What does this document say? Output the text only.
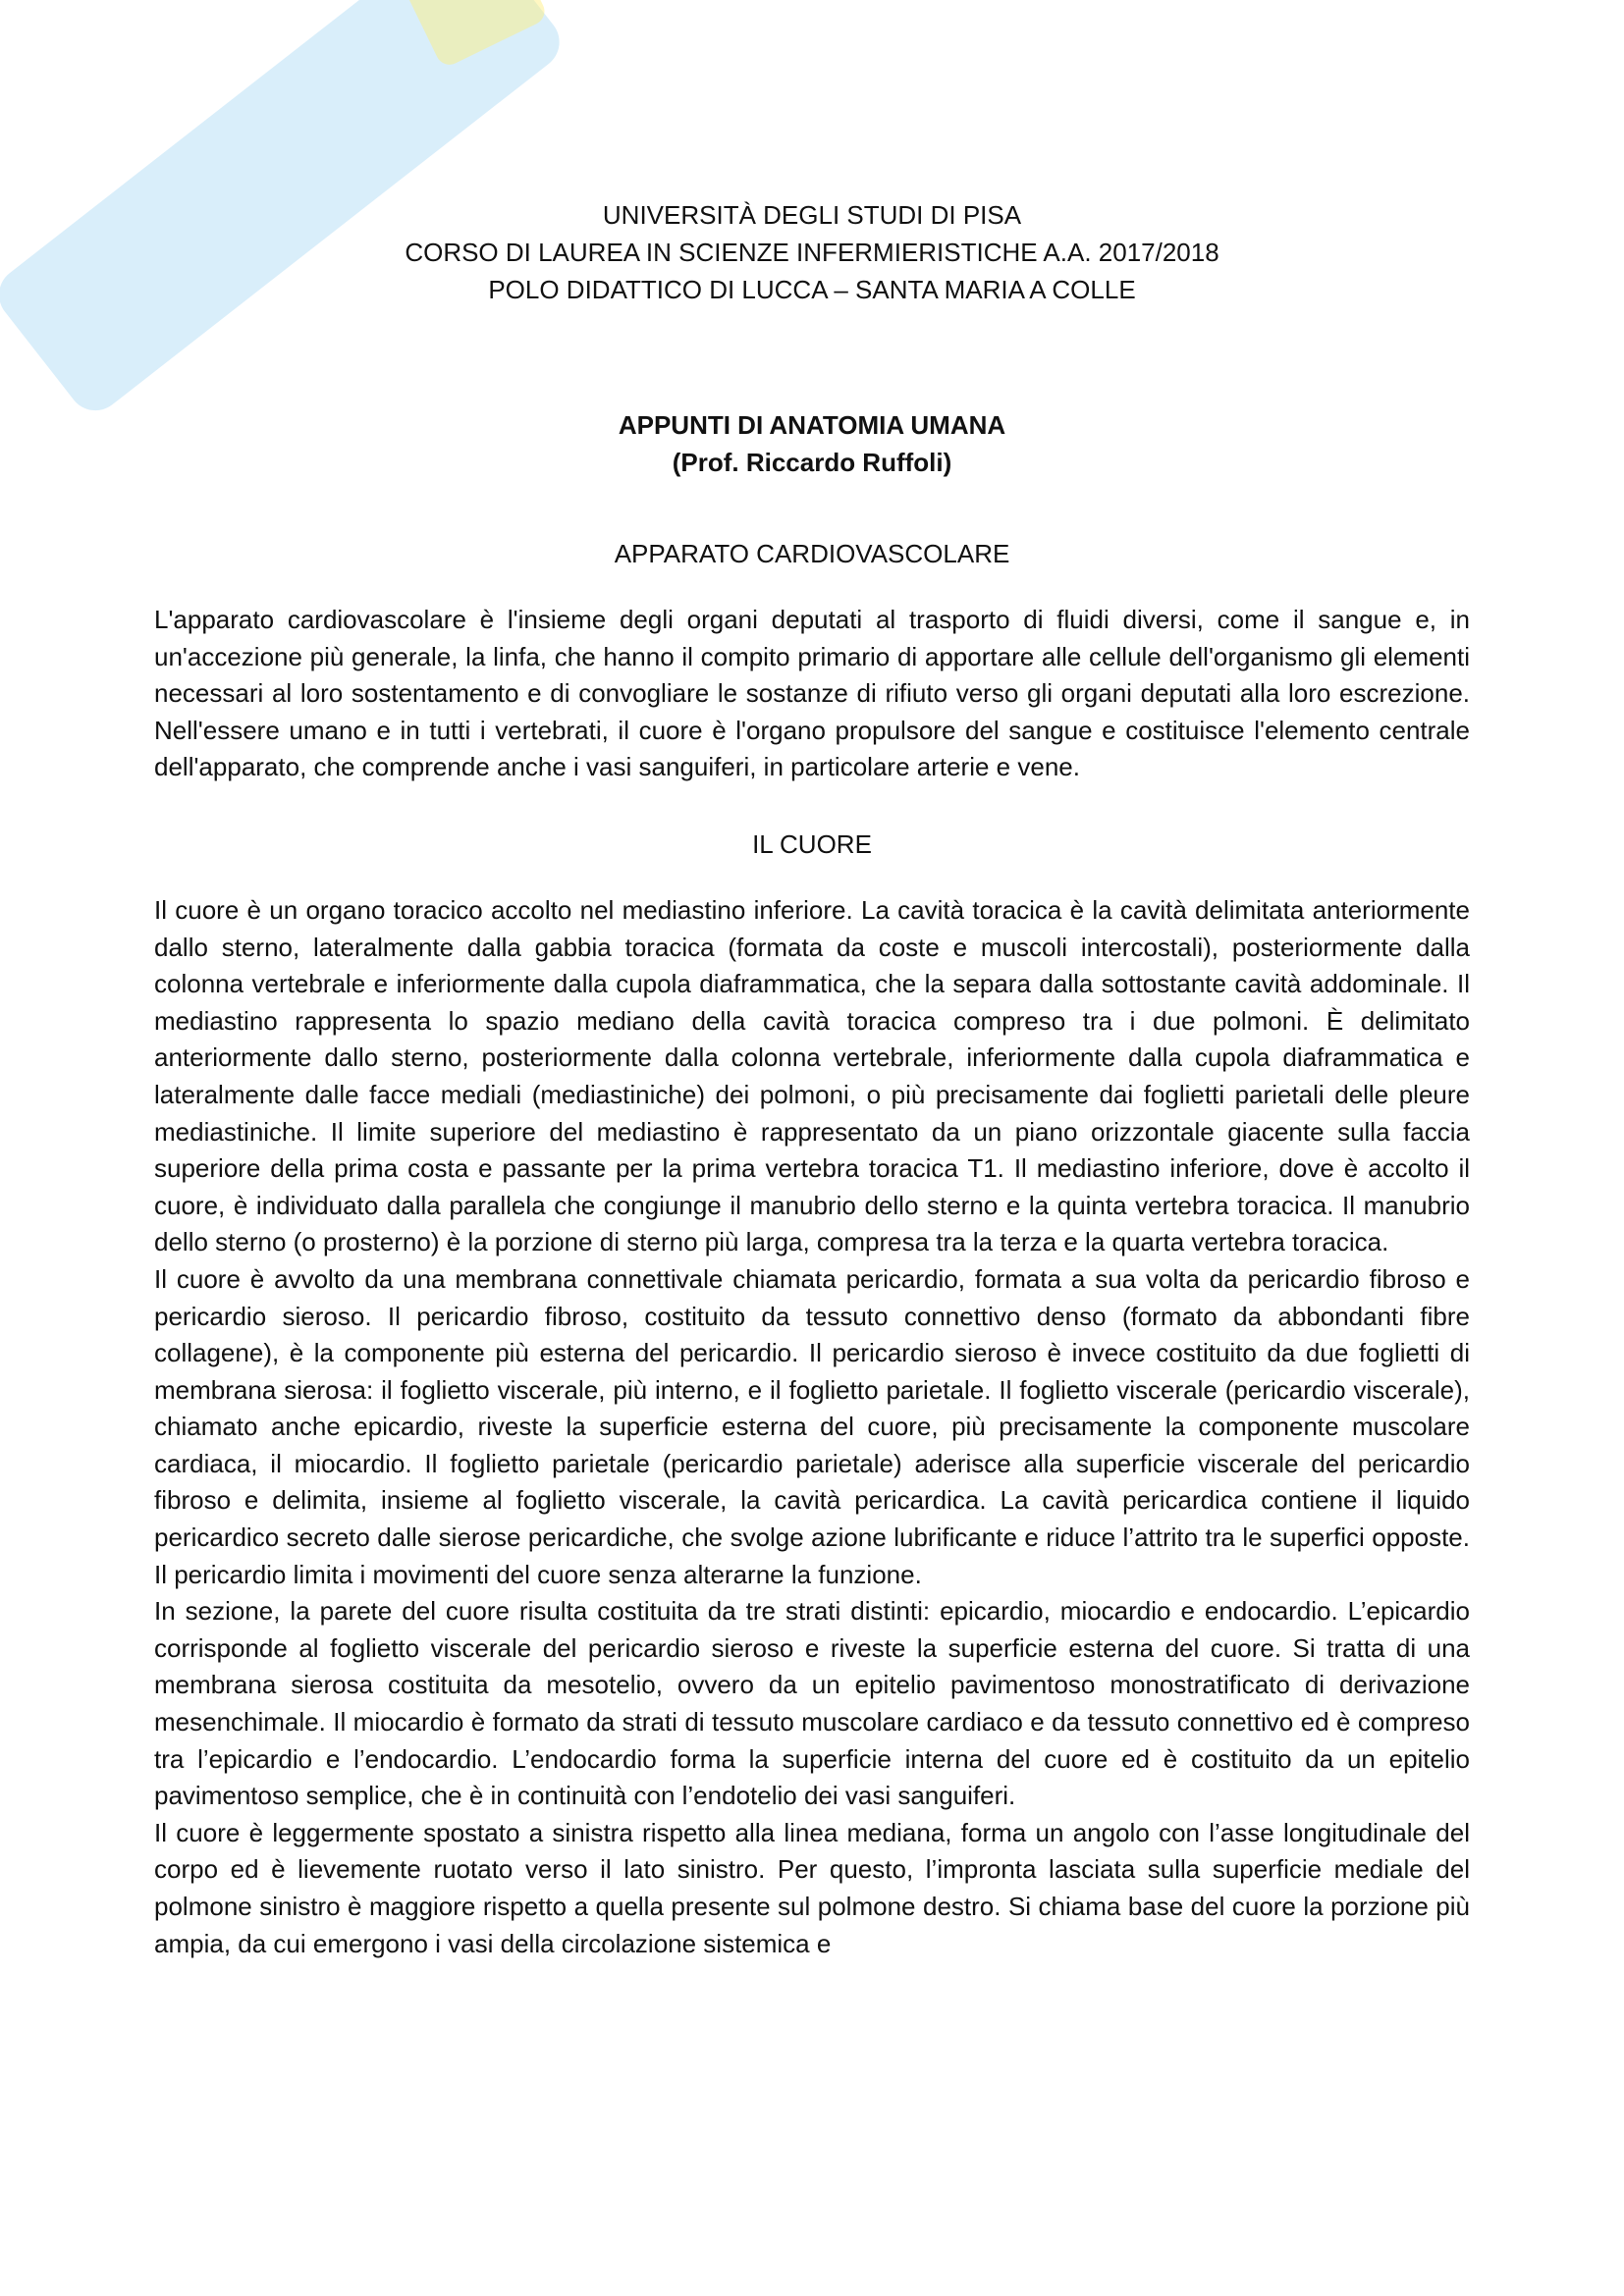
UNIVERSITÀ DEGLI STUDI DI PISA

CORSO DI LAUREA IN SCIENZE INFERMIERISTICHE A.A. 2017/2018

POLO DIDATTICO DI LUCCA – SANTA MARIA A COLLE

APPUNTI DI ANATOMIA UMANA
(Prof. Riccardo Ruffoli)
APPARATO CARDIOVASCOLARE

L'apparato cardiovascolare è l'insieme degli organi deputati al trasporto di fluidi diversi, come il sangue e, in un'accezione più generale, la linfa, che hanno il compito primario di apportare alle cellule dell'organismo gli elementi necessari al loro sostentamento e di convogliare le sostanze di rifiuto verso gli organi deputati alla loro escrezione. Nell'essere umano e in tutti i vertebrati, il cuore è l'organo propulsore del sangue e costituisce l'elemento centrale dell'apparato, che comprende anche i vasi sanguiferi, in particolare arterie e vene.

IL CUORE

Il cuore è un organo toracico accolto nel mediastino inferiore. La cavità toracica è la cavità delimitata anteriormente dallo sterno, lateralmente dalla gabbia toracica (formata da coste e muscoli intercostali), posteriormente dalla colonna vertebrale e inferiormente dalla cupola diaframmatica, che la separa dalla sottostante cavità addominale. Il mediastino rappresenta lo spazio mediano della cavità toracica compreso tra i due polmoni. È delimitato anteriormente dallo sterno, posteriormente dalla colonna vertebrale, inferiormente dalla cupola diaframmatica e lateralmente dalle facce mediali (mediastiniche) dei polmoni, o più precisamente dai foglietti parietali delle pleure mediastiniche. Il limite superiore del mediastino è rappresentato da un piano orizzontale giacente sulla faccia superiore della prima costa e passante per la prima vertebra toracica T1. Il mediastino inferiore, dove è accolto il cuore, è individuato dalla parallela che congiunge il manubrio dello sterno e la quinta vertebra toracica. Il manubrio dello sterno (o prosterno) è la porzione di sterno più larga, compresa tra la terza e la quarta vertebra toracica.

Il cuore è avvolto da una membrana connettivale chiamata pericardio, formata a sua volta da pericardio fibroso e pericardio sieroso. Il pericardio fibroso, costituito da tessuto connettivo denso (formato da abbondanti fibre collagene), è la componente più esterna del pericardio. Il pericardio sieroso è invece costituito da due foglietti di membrana sierosa: il foglietto viscerale, più interno, e il foglietto parietale. Il foglietto viscerale (pericardio viscerale), chiamato anche epicardio, riveste la superficie esterna del cuore, più precisamente la componente muscolare cardiaca, il miocardio. Il foglietto parietale (pericardio parietale) aderisce alla superficie viscerale del pericardio fibroso e delimita, insieme al foglietto viscerale, la cavità pericardica. La cavità pericardica contiene il liquido pericardico secreto dalle sierose pericardiche, che svolge azione lubrificante e riduce l’attrito tra le superfici opposte. Il pericardio limita i movimenti del cuore senza alterarne la funzione.

In sezione, la parete del cuore risulta costituita da tre strati distinti: epicardio, miocardio e endocardio. L’epicardio corrisponde al foglietto viscerale del pericardio sieroso e riveste la superficie esterna del cuore. Si tratta di una membrana sierosa costituita da mesotelio, ovvero da un epitelio pavimentoso monostratificato di derivazione mesenchimale. Il miocardio è formato da strati di tessuto muscolare cardiaco e da tessuto connettivo ed è compreso tra l’epicardio e l’endocardio. L’endocardio forma la superficie interna del cuore ed è costituito da un epitelio pavimentoso semplice, che è in continuità con l’endotelio dei vasi sanguiferi.

Il cuore è leggermente spostato a sinistra rispetto alla linea mediana, forma un angolo con l’asse longitudinale del corpo ed è lievemente ruotato verso il lato sinistro. Per questo, l’impronta lasciata sulla superficie mediale del polmone sinistro è maggiore rispetto a quella presente sul polmone destro. Si chiama base del cuore la porzione più ampia, da cui emergono i vasi della circolazione sistemica e
